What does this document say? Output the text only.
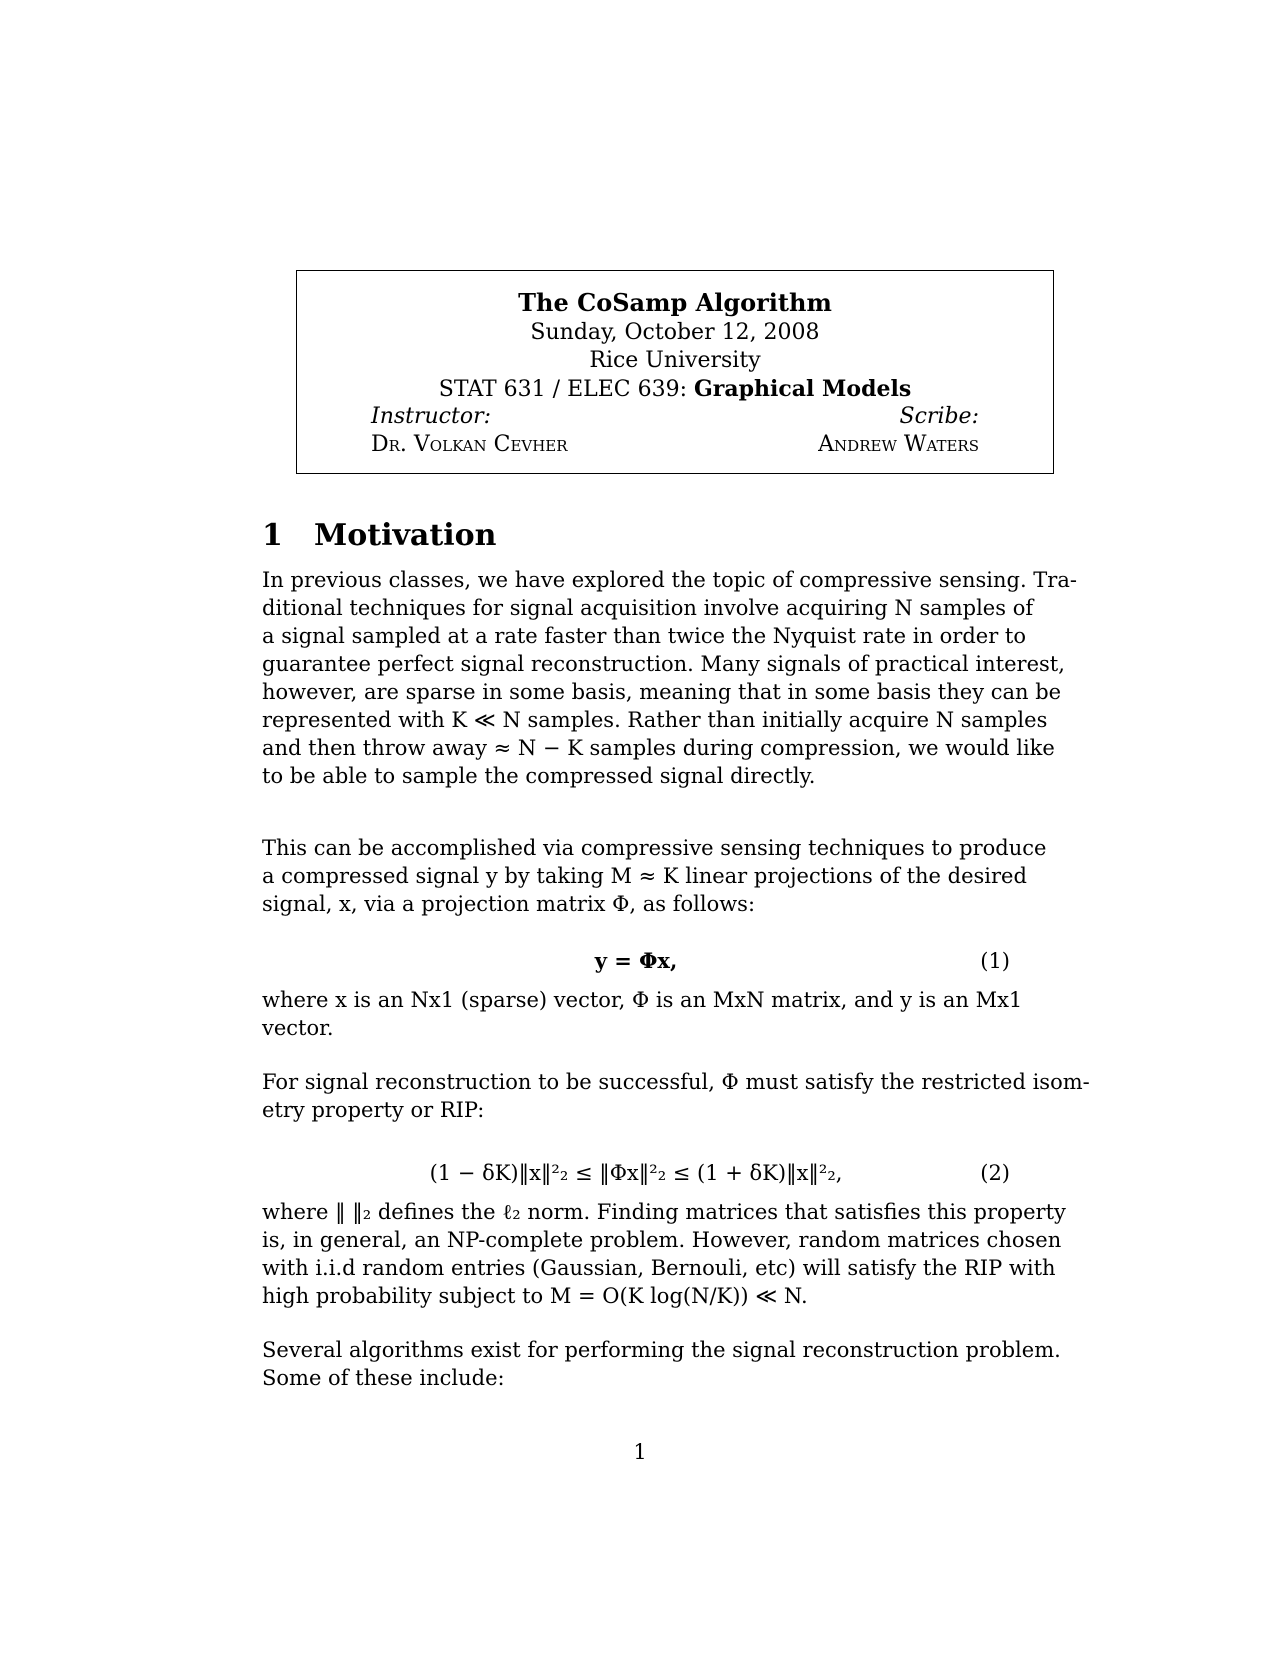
The CoSamp Algorithm
Sunday, October 12, 2008
Rice University
STAT 631 / ELEC 639: Graphical Models
Instructor:	Scribe:
Dr. Volkan Cevher	Andrew Waters
1 Motivation
In previous classes, we have explored the topic of compressive sensing. Tra-
ditional techniques for signal acquisition involve acquiring N samples of
a signal sampled at a rate faster than twice the Nyquist rate in order to
guarantee perfect signal reconstruction. Many signals of practical interest,
however, are sparse in some basis, meaning that in some basis they can be
represented with K ≪ N samples. Rather than initially acquire N samples
and then throw away ≈ N − K samples during compression, we would like
to be able to sample the compressed signal directly.
This can be accomplished via compressive sensing techniques to produce
a compressed signal y by taking M ≈ K linear projections of the desired
signal, x, via a projection matrix Φ, as follows:
y = Φx,	(1)
where x is an Nx1 (sparse) vector, Φ is an MxN matrix, and y is an Mx1
vector.
For signal reconstruction to be successful, Φ must satisfy the restricted isom-
etry property or RIP:
(1 − δK)‖x‖²₂ ≤ ‖Φx‖²₂ ≤ (1 + δK)‖x‖²₂,	(2)
where ‖ ‖₂ defines the ℓ₂ norm. Finding matrices that satisfies this property
is, in general, an NP-complete problem. However, random matrices chosen
with i.i.d random entries (Gaussian, Bernouli, etc) will satisfy the RIP with
high probability subject to M = O(K log(N/K)) ≪ N.
Several algorithms exist for performing the signal reconstruction problem.
Some of these include:
1
